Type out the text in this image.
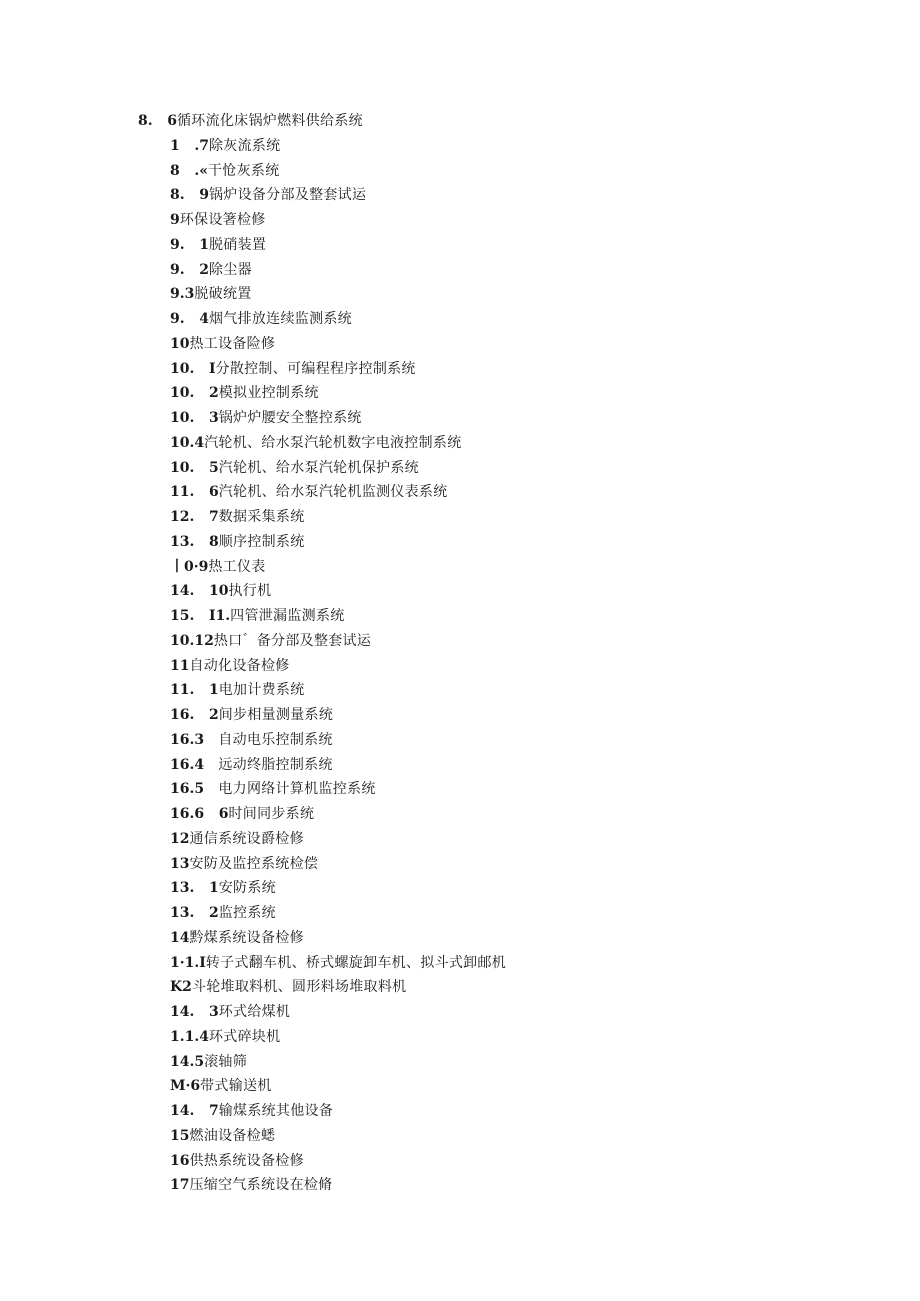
8.   6循环流化床锅炉燃料供给系统
1   .7除灰流系统
8   .«干怆灰系统
8.   9锅炉设备分部及整套试运
9环保设箸检修
9.   1脱硝装置
9.   2除尘器
9.3脱破统置
9.   4烟气排放连续监测系统
10热工设备险修
10.   I分散控制、可编程程序控制系统
10.   2模拟业控制系统
10.   3锅炉炉腰安全整控系统
10.4汽轮机、给水泵汽轮机数字电液控制系统
10.   5汽轮机、给水泵汽轮机保护系统
11.   6汽轮机、给水泵汽轮机监测仪表系统
12.   7数据采集系统
13.   8顺序控制系统
丨0·9热工仪表
14.   10执行机
15.   I1.四管泄漏监测系统
10.12热口゛备分部及整套试运
11自动化设备检修
11.   1电加计费系统
16.   2间步相量测量系统
16.3   自动电乐控制系统
16.4   远动终脂控制系统
16.5   电力网络计算机监控系统
16.6   6时间同步系统
12通信系统设爵检修
13安防及监控系统检偿
13.   1安防系统
13.   2监控系统
14黔煤系统设备检修
1·1.I转子式翻车机、桥式螺旋卸车机、拟斗式卸邮机
K2斗轮堆取料机、圆形料场堆取料机
14.   3环式给煤机
1.1.4环式碎块机
14.5滚轴筛
M·6带式输送机
14.   7输煤系统其他设备
15燃油设备检蟋
16供热系统设备检修
17压缩空气系统设在检脩
